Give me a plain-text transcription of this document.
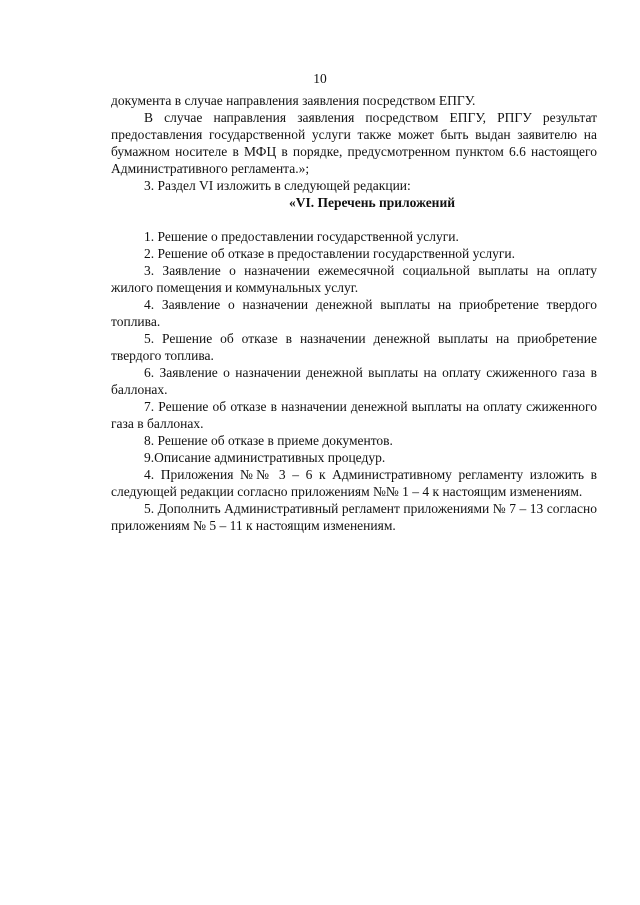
10

документа в случае направления заявления посредством ЕПГУ.

В случае направления заявления посредством ЕПГУ, РПГУ результат предоставления государственной услуги также может быть выдан заявителю на бумажном носителе в МФЦ в порядке, предусмотренном пунктом 6.6 настоящего Административного регламента.»;

3. Раздел VI изложить в следующей редакции:

«VI. Перечень приложений

1. Решение о предоставлении государственной услуги.

2. Решение об отказе в предоставлении государственной услуги.

3. Заявление о назначении ежемесячной социальной выплаты на оплату жилого помещения и коммунальных услуг.

4. Заявление о назначении денежной выплаты на приобретение твердого топлива.

5. Решение об отказе в назначении денежной выплаты на приобретение твердого топлива.

6. Заявление о назначении денежной выплаты на оплату сжиженного газа в баллонах.

7. Решение об отказе в назначении денежной выплаты на оплату сжиженного газа в баллонах.

8. Решение об отказе в приеме документов.

9.Описание административных процедур.

4. Приложения №№ 3 – 6 к Административному регламенту изложить в следующей редакции согласно приложениям №№ 1 – 4 к настоящим изменениям.

5. Дополнить Административный регламент приложениями № 7 – 13 согласно приложениям № 5 – 11 к настоящим изменениям.
